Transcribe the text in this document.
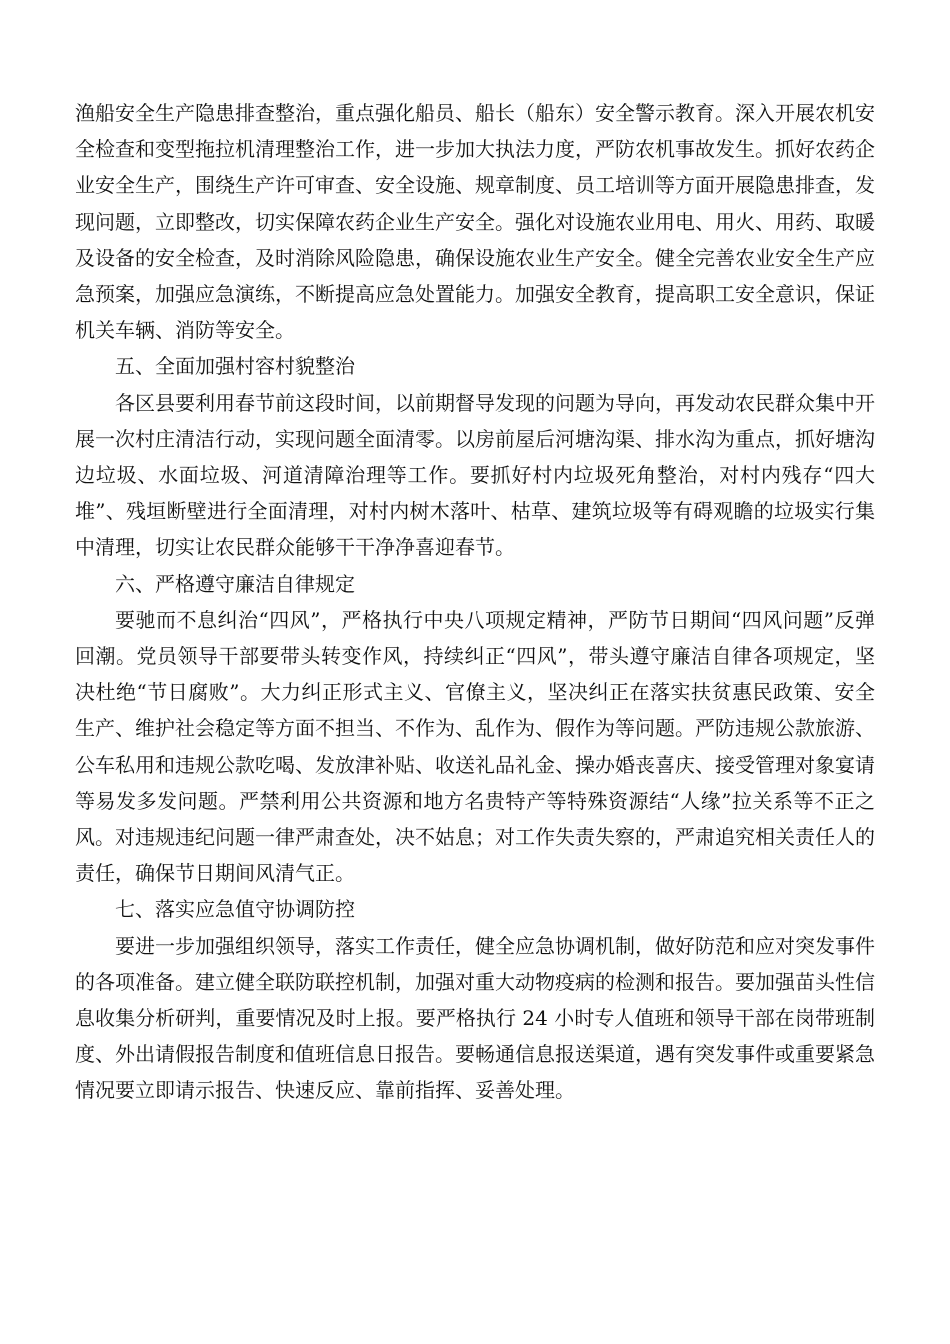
渔船安全生产隐患排查整治，重点强化船员、船长（船东）安全警示教育。深入开展农机安全检查和变型拖拉机清理整治工作，进一步加大执法力度，严防农机事故发生。抓好农药企业安全生产，围绕生产许可审查、安全设施、规章制度、员工培训等方面开展隐患排查，发现问题，立即整改，切实保障农药企业生产安全。强化对设施农业用电、用火、用药、取暖及设备的安全检查，及时消除风险隐患，确保设施农业生产安全。健全完善农业安全生产应急预案，加强应急演练，不断提高应急处置能力。加强安全教育，提高职工安全意识，保证机关车辆、消防等安全。

五、全面加强村容村貌整治

各区县要利用春节前这段时间，以前期督导发现的问题为导向，再发动农民群众集中开展一次村庄清洁行动，实现问题全面清零。以房前屋后河塘沟渠、排水沟为重点，抓好塘沟边垃圾、水面垃圾、河道清障治理等工作。要抓好村内垃圾死角整治，对村内残存“四大堆”、残垣断壁进行全面清理，对村内树木落叶、枯草、建筑垃圾等有碍观瞻的垃圾实行集中清理，切实让农民群众能够干干净净喜迎春节。

六、严格遵守廉洁自律规定

要驰而不息纠治“四风”，严格执行中央八项规定精神，严防节日期间“四风问题”反弹回潮。党员领导干部要带头转变作风，持续纠正“四风”，带头遵守廉洁自律各项规定，坚决杜绝“节日腐败”。大力纠正形式主义、官僚主义，坚决纠正在落实扶贫惠民政策、安全生产、维护社会稳定等方面不担当、不作为、乱作为、假作为等问题。严防违规公款旅游、公车私用和违规公款吃喝、发放津补贴、收送礼品礼金、操办婚丧喜庆、接受管理对象宴请等易发多发问题。严禁利用公共资源和地方名贵特产等特殊资源结“人缘”拉关系等不正之风。对违规违纪问题一律严肃查处，决不姑息；对工作失责失察的，严肃追究相关责任人的责任，确保节日期间风清气正。

七、落实应急值守协调防控

要进一步加强组织领导，落实工作责任，健全应急协调机制，做好防范和应对突发事件的各项准备。建立健全联防联控机制，加强对重大动物疫病的检测和报告。要加强苗头性信息收集分析研判，重要情况及时上报。要严格执行 24 小时专人值班和领导干部在岗带班制度、外出请假报告制度和值班信息日报告。要畅通信息报送渠道，遇有突发事件或重要紧急情况要立即请示报告、快速反应、靠前指挥、妥善处理。
